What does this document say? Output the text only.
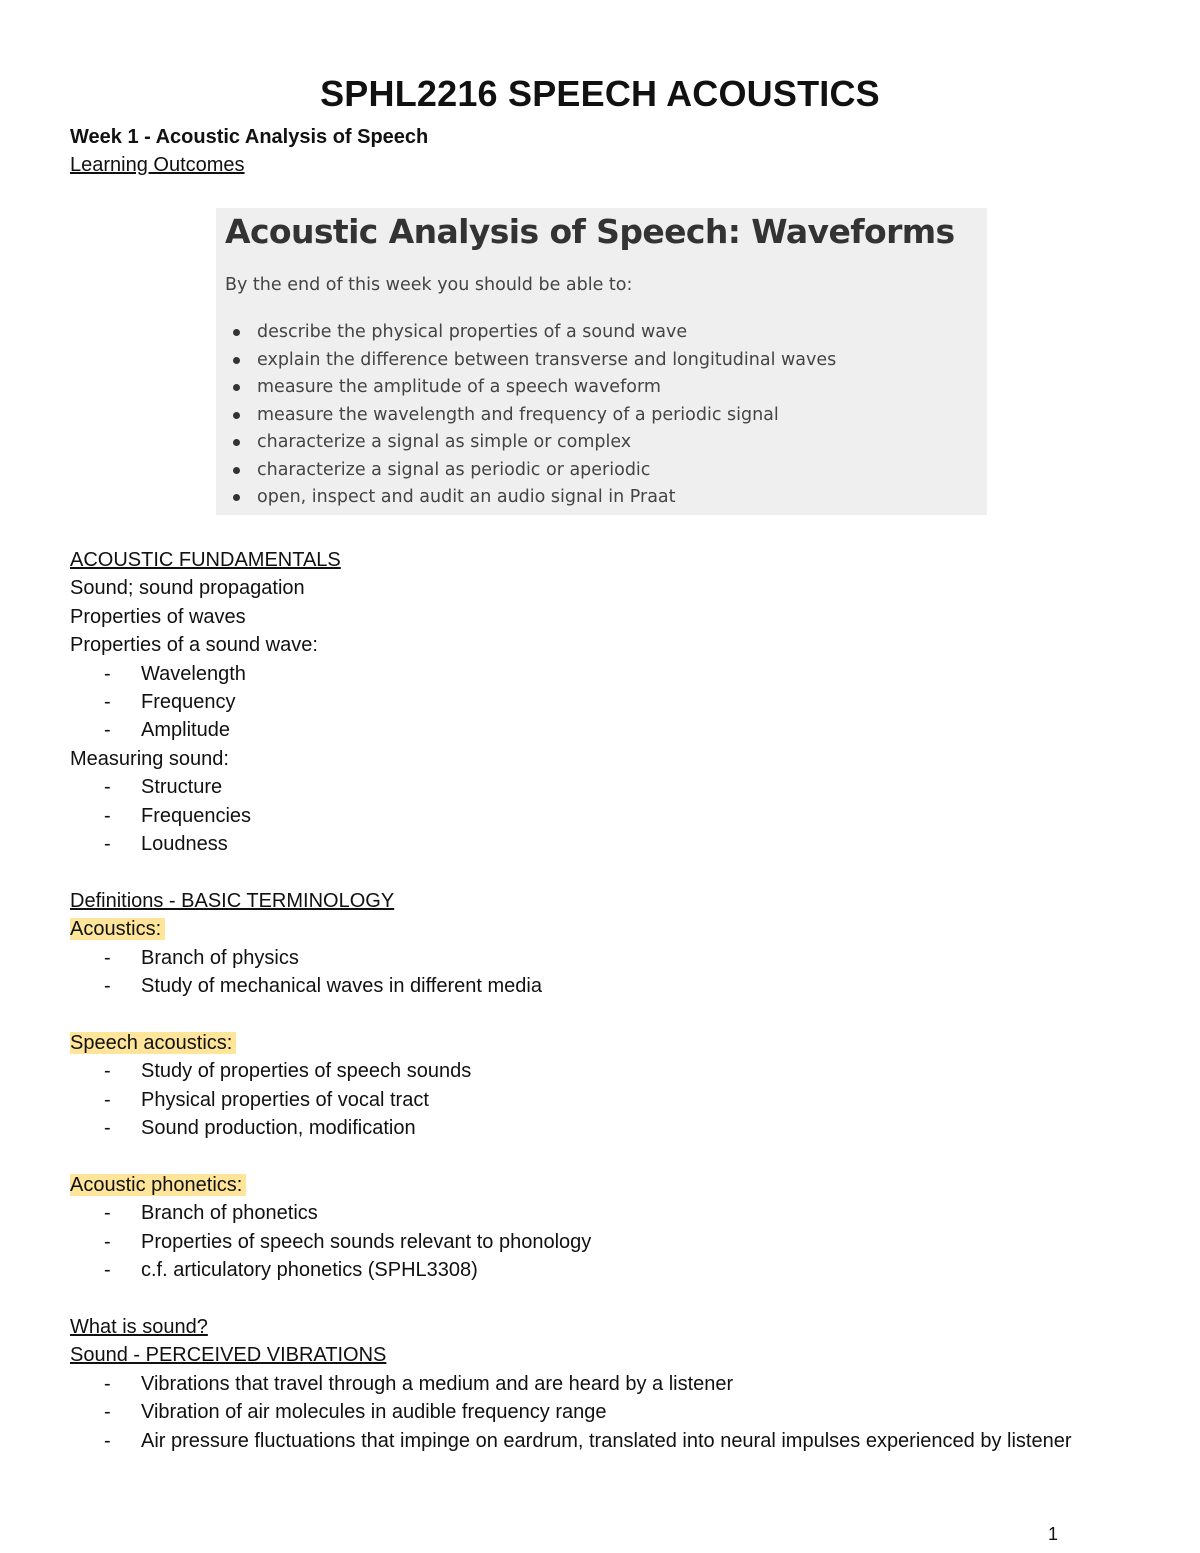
SPHL2216 SPEECH ACOUSTICS
Week 1 - Acoustic Analysis of Speech
Learning Outcomes
Acoustic Analysis of Speech: Waveforms
By the end of this week you should be able to:
describe the physical properties of a sound wave
explain the difference between transverse and longitudinal waves
measure the amplitude of a speech waveform
measure the wavelength and frequency of a periodic signal
characterize a signal as simple or complex
characterize a signal as periodic or aperiodic
open, inspect and audit an audio signal in Praat
ACOUSTIC FUNDAMENTALS
Sound; sound propagation
Properties of waves
Properties of a sound wave:
- Wavelength
- Frequency
- Amplitude
Measuring sound:
- Structure
- Frequencies
- Loudness
Definitions - BASIC TERMINOLOGY
Acoustics:
- Branch of physics
- Study of mechanical waves in different media
Speech acoustics:
- Study of properties of speech sounds
- Physical properties of vocal tract
- Sound production, modification
Acoustic phonetics:
- Branch of phonetics
- Properties of speech sounds relevant to phonology
- c.f. articulatory phonetics (SPHL3308)
What is sound?
Sound - PERCEIVED VIBRATIONS
- Vibrations that travel through a medium and are heard by a listener
- Vibration of air molecules in audible frequency range
- Air pressure fluctuations that impinge on eardrum, translated into neural impulses experienced by listener
1
